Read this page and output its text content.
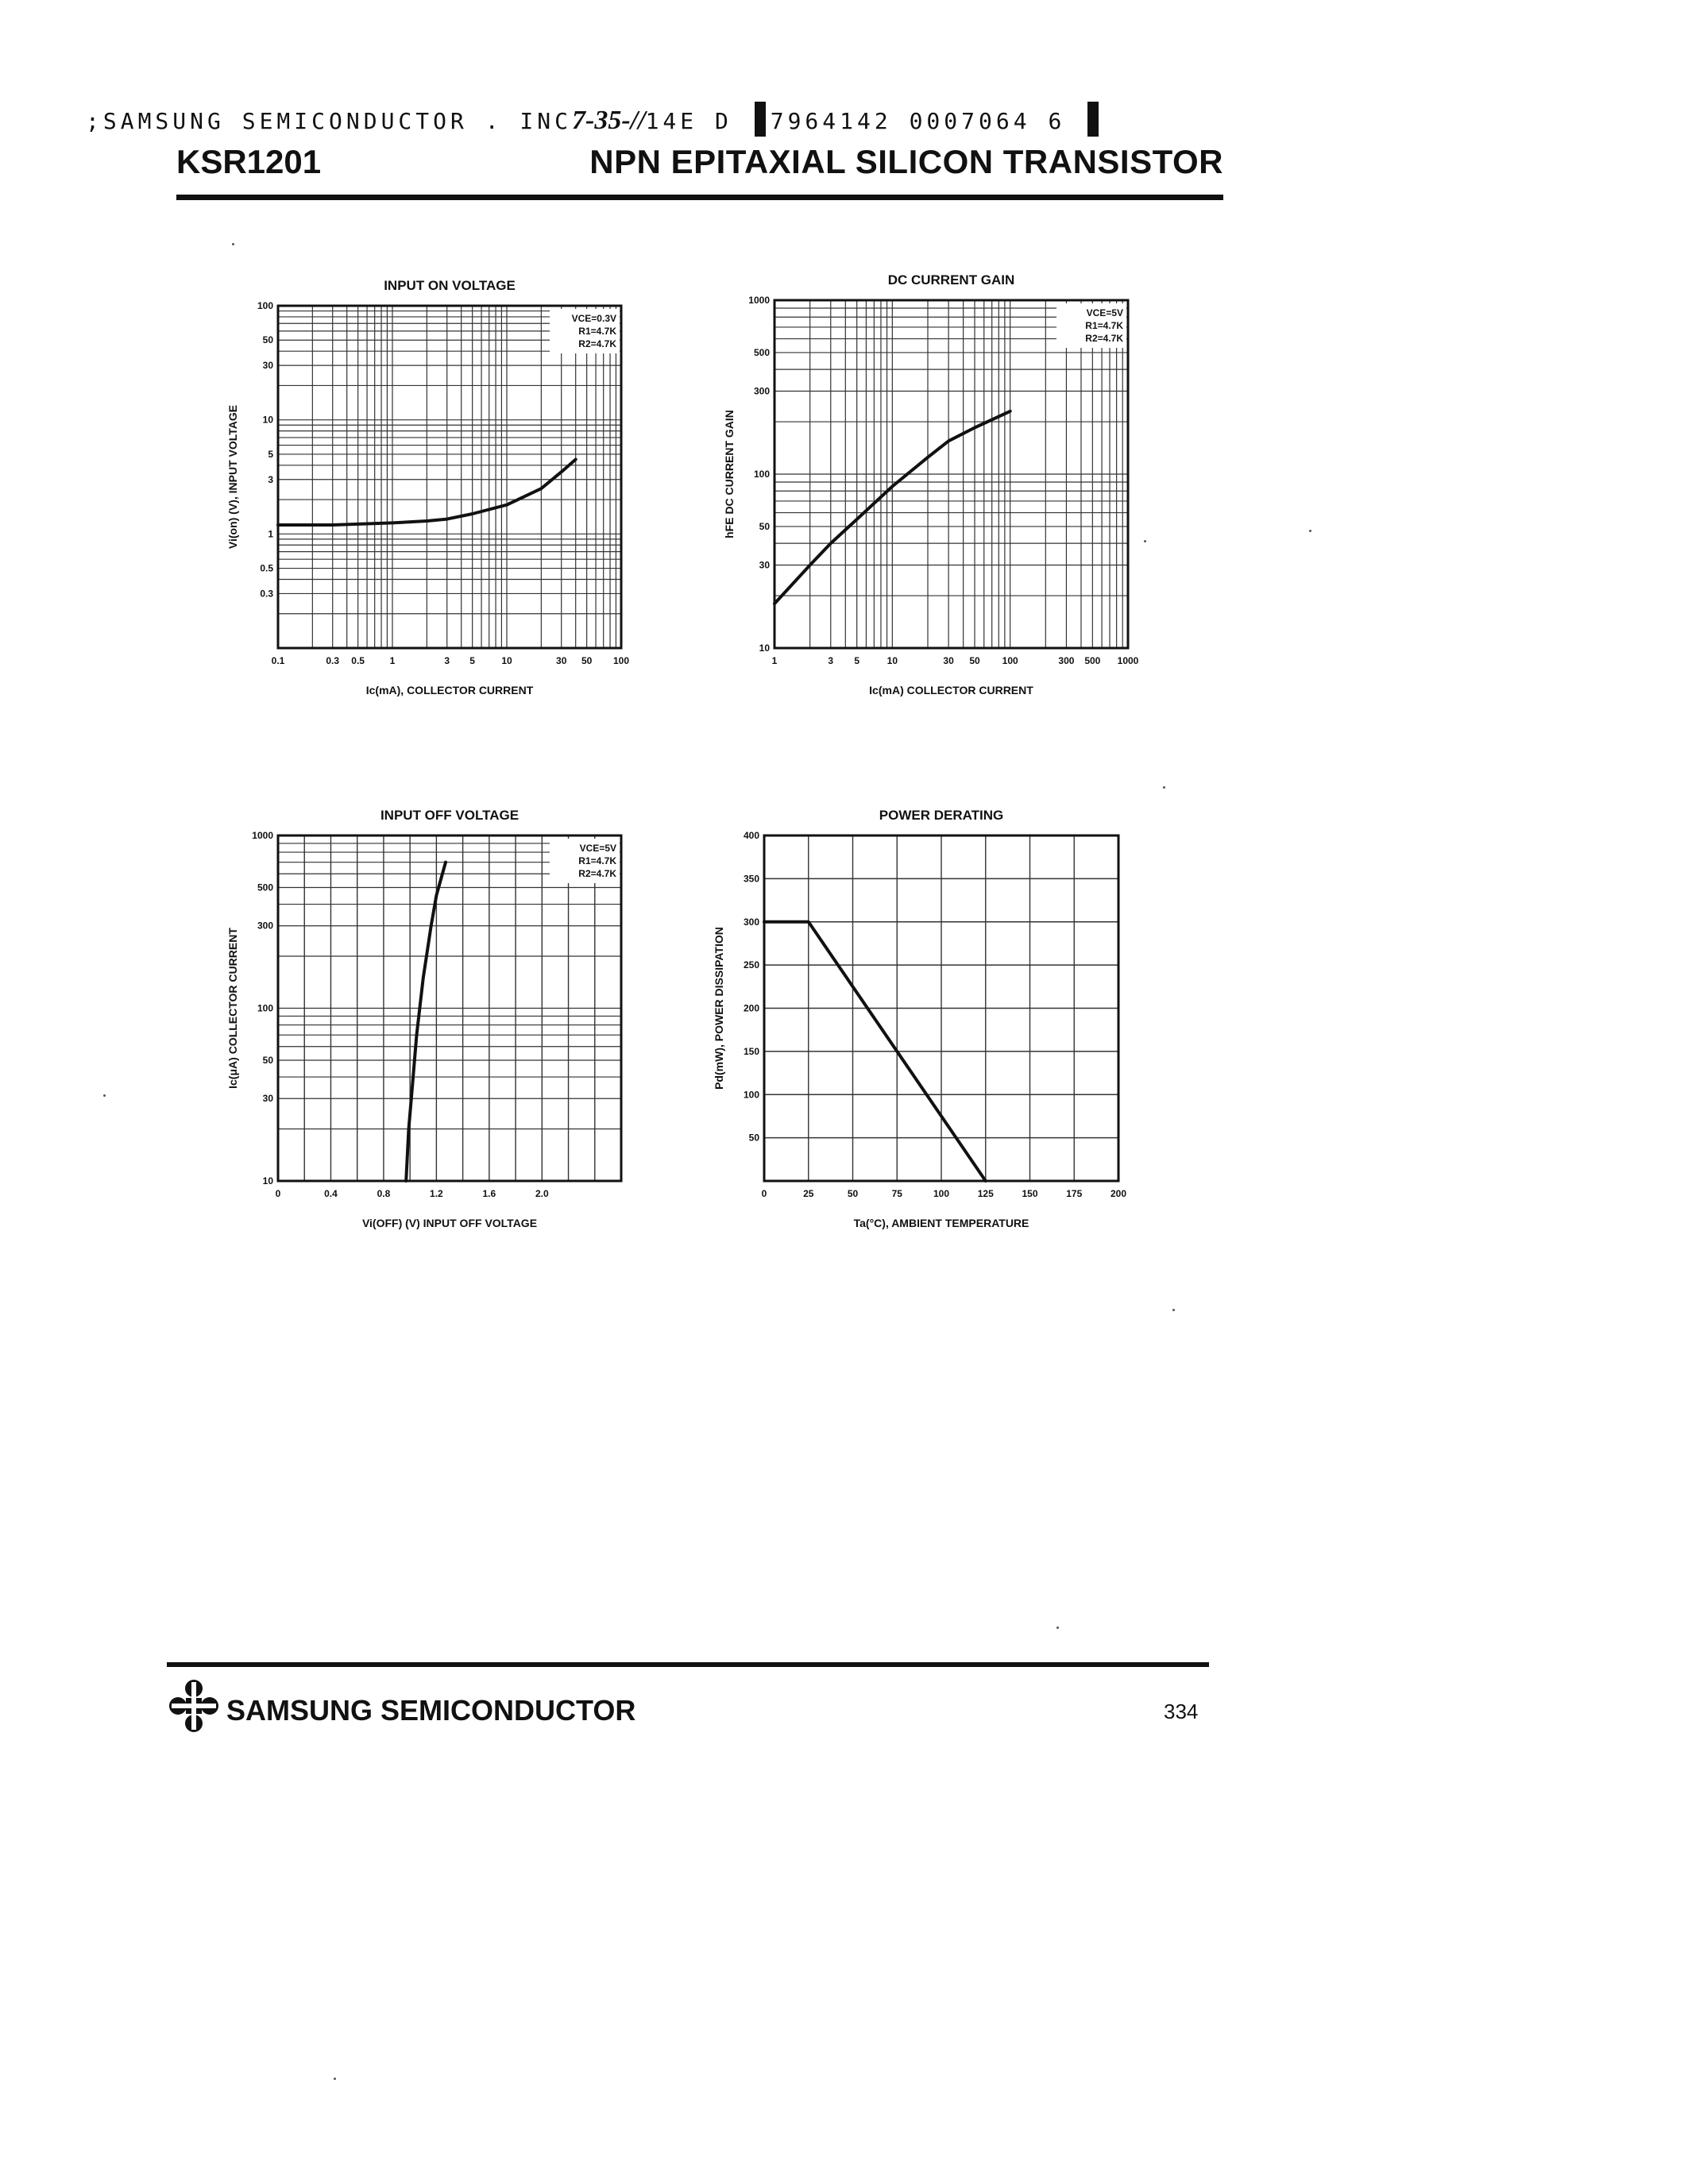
;SAMSUNG SEMICONDUCTOR . INC7-35-//14E D 7964142 0007064 6
KSR1201	NPN EPITAXIAL SILICON TRANSISTOR
INPUT ON VOLTAGE
0.1	0.3 0.5	1	3 5	10	30 50 100
100
50
30
10
5
3
1
0.5
0.3
Ic(mA), COLLECTOR CURRENT
Vi(on) (V), INPUT VOLTAGE
VCE=0.3V
R1=4.7K
R2=4.7K
DC CURRENT GAIN
1	3 5	10	30 50 100	300 500 1000
1000
500
300
100
50
30
10
Ic(mA) COLLECTOR CURRENT
hFE DC CURRENT GAIN
VCE=5V
R1=4.7K
R2=4.7K
INPUT OFF VOLTAGE
0	0.4	0.8	1.2	1.6	2.0
1000
500
300
100
50
30
10
Vi(OFF) (V) INPUT OFF VOLTAGE
Ic(μA) COLLECTOR CURRENT
VCE=5V
R1=4.7K
R2=4.7K
POWER DERATING
0	25	50	75	100	125	150	175	200
400
350
300
250
200
150
100
50
Ta(°C), AMBIENT TEMPERATURE
Pd(mW), POWER DISSIPATION
SAMSUNG SEMICONDUCTOR	334
